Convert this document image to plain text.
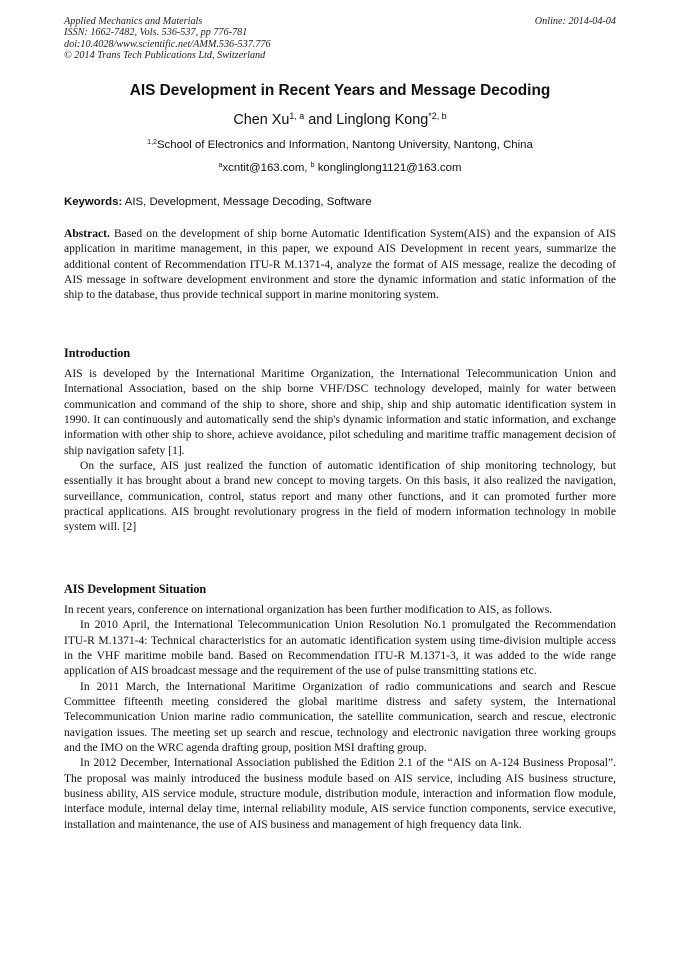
Applied Mechanics and Materials
ISSN: 1662-7482, Vols. 536-537, pp 776-781
doi:10.4028/www.scientific.net/AMM.536-537.776
© 2014 Trans Tech Publications Ltd, Switzerland
Online: 2014-04-04
AIS Development in Recent Years and Message Decoding
Chen Xu$^{1, a}$ and Linglong Kong$^{*2, b}$
$^{1,2}$School of Electronics and Information, Nantong University, Nantong, China
$^a$xcntit@163.com, $^b$ konglinglong1121@163.com
Keywords: AIS, Development, Message Decoding, Software
Abstract. Based on the development of ship borne Automatic Identification System(AIS) and the expansion of AIS application in maritime management, in this paper, we expound AIS Development in recent years, summarize the additional content of Recommendation ITU-R M.1371-4, analyze the format of AIS message, realize the decoding of AIS message in software development environment and store the dynamic information and static information of the ship to the database, thus provide technical support in marine monitoring system.
Introduction

AIS is developed by the International Maritime Organization, the International Telecommunication Union and International Association, based on the ship borne VHF/DSC technology developed, mainly for water between communication and command of the ship to shore, shore and ship, ship and ship automatic identification system in 1990. It can continuously and automatically send the ship's dynamic information and static information, and exchange information with other ship to shore, achieve avoidance, pilot scheduling and maritime traffic management decision of ship navigation safety [1].

On the surface, AIS just realized the function of automatic identification of ship monitoring technology, but essentially it has brought about a brand new concept to moving targets. On this basis, it also realized the navigation, surveillance, communication, control, status report and many other functions, and it can promoted further more practical applications. AIS brought revolutionary progress in the field of modern information technology in mobile system will. [2]

AIS Development Situation

In recent years, conference on international organization has been further modification to AIS, as follows.

In 2010 April, the International Telecommunication Union Resolution No.1 promulgated the Recommendation ITU-R M.1371-4: Technical characteristics for an automatic identification system using time-division multiple access in the VHF maritime mobile band. Based on Recommendation ITU-R M.1371-3, it was added to the wide range application of AIS broadcast message and the requirement of the use of pulse transmitting stations etc.

In 2011 March, the International Maritime Organization of radio communications and search and Rescue Committee fifteenth meeting considered the global maritime distress and safety system, the International Telecommunication Union marine radio communication, the satellite communication, search and rescue, electronic navigation issues. The meeting set up search and rescue, technology and electronic navigation three working groups and the IMO on the WRC agenda drafting group, position MSI drafting group.

In 2012 December, International Association published the Edition 2.1 of the “AIS on A-124 Business Proposal”. The proposal was mainly introduced the business module based on AIS service, including AIS business structure, business ability, AIS service module, structure module, distribution module, interaction and information flow module, interface module, internal delay time, internal reliability module, AIS service function components, service executive, installation and maintenance, the use of AIS business and management of high frequency data link.
